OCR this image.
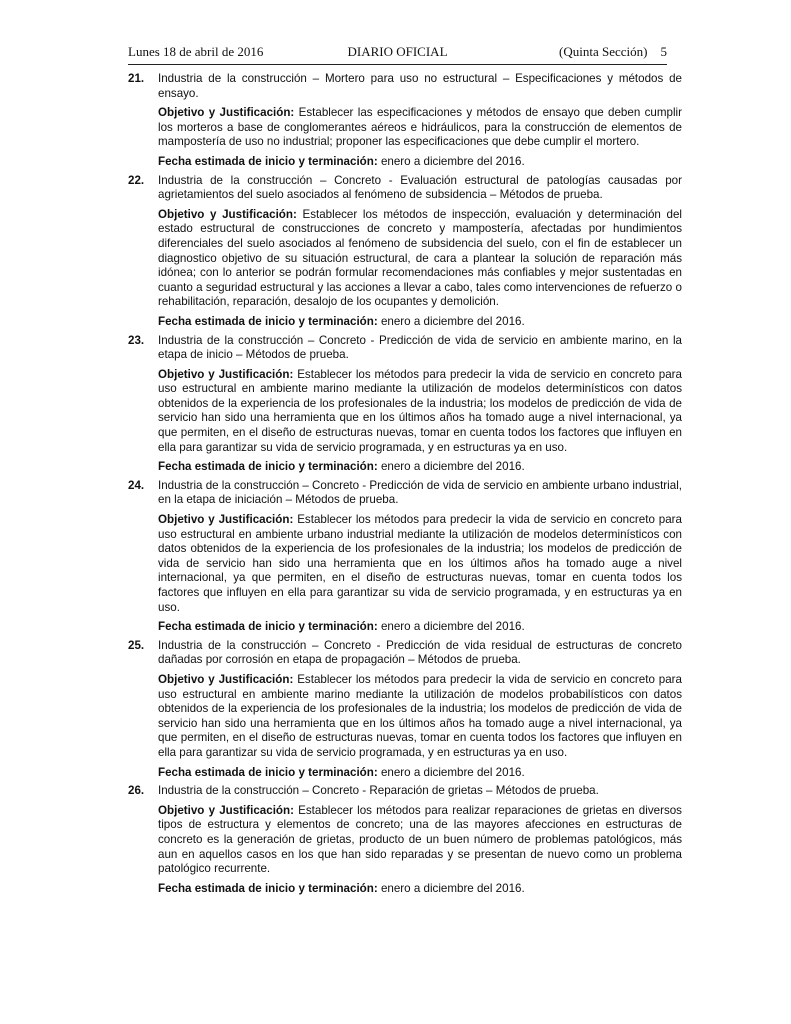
Lunes 18 de abril de 2016	DIARIO OFICIAL	(Quinta Sección) 5
21. Industria de la construcción – Mortero para uso no estructural – Especificaciones y métodos de ensayo.

Objetivo y Justificación: Establecer las especificaciones y métodos de ensayo que deben cumplir los morteros a base de conglomerantes aéreos e hidráulicos, para la construcción de elementos de mampostería de uso no industrial; proponer las especificaciones que debe cumplir el mortero.

Fecha estimada de inicio y terminación: enero a diciembre del 2016.

22. Industria de la construcción – Concreto - Evaluación estructural de patologías causadas por agrietamientos del suelo asociados al fenómeno de subsidencia – Métodos de prueba.

Objetivo y Justificación: Establecer los métodos de inspección, evaluación y determinación del estado estructural de construcciones de concreto y mampostería, afectadas por hundimientos diferenciales del suelo asociados al fenómeno de subsidencia del suelo, con el fin de establecer un diagnostico objetivo de su situación estructural, de cara a plantear la solución de reparación más idónea; con lo anterior se podrán formular recomendaciones más confiables y mejor sustentadas en cuanto a seguridad estructural y las acciones a llevar a cabo, tales como intervenciones de refuerzo o rehabilitación, reparación, desalojo de los ocupantes y demolición.

Fecha estimada de inicio y terminación: enero a diciembre del 2016.

23. Industria de la construcción – Concreto - Predicción de vida de servicio en ambiente marino, en la etapa de inicio – Métodos de prueba.

Objetivo y Justificación: Establecer los métodos para predecir la vida de servicio en concreto para uso estructural en ambiente marino mediante la utilización de modelos determinísticos con datos obtenidos de la experiencia de los profesionales de la industria; los modelos de predicción de vida de servicio han sido una herramienta que en los últimos años ha tomado auge a nivel internacional, ya que permiten, en el diseño de estructuras nuevas, tomar en cuenta todos los factores que influyen en ella para garantizar su vida de servicio programada, y en estructuras ya en uso.

Fecha estimada de inicio y terminación: enero a diciembre del 2016.

24. Industria de la construcción – Concreto - Predicción de vida de servicio en ambiente urbano industrial, en la etapa de iniciación – Métodos de prueba.

Objetivo y Justificación: Establecer los métodos para predecir la vida de servicio en concreto para uso estructural en ambiente urbano industrial mediante la utilización de modelos determinísticos con datos obtenidos de la experiencia de los profesionales de la industria; los modelos de predicción de vida de servicio han sido una herramienta que en los últimos años ha tomado auge a nivel internacional, ya que permiten, en el diseño de estructuras nuevas, tomar en cuenta todos los factores que influyen en ella para garantizar su vida de servicio programada, y en estructuras ya en uso.

Fecha estimada de inicio y terminación: enero a diciembre del 2016.

25. Industria de la construcción – Concreto - Predicción de vida residual de estructuras de concreto dañadas por corrosión en etapa de propagación – Métodos de prueba.

Objetivo y Justificación: Establecer los métodos para predecir la vida de servicio en concreto para uso estructural en ambiente marino mediante la utilización de modelos probabilísticos con datos obtenidos de la experiencia de los profesionales de la industria; los modelos de predicción de vida de servicio han sido una herramienta que en los últimos años ha tomado auge a nivel internacional, ya que permiten, en el diseño de estructuras nuevas, tomar en cuenta todos los factores que influyen en ella para garantizar su vida de servicio programada, y en estructuras ya en uso.

Fecha estimada de inicio y terminación: enero a diciembre del 2016.

26. Industria de la construcción – Concreto - Reparación de grietas – Métodos de prueba.

Objetivo y Justificación: Establecer los métodos para realizar reparaciones de grietas en diversos tipos de estructura y elementos de concreto; una de las mayores afecciones en estructuras de concreto es la generación de grietas, producto de un buen número de problemas patológicos, más aun en aquellos casos en los que han sido reparadas y se presentan de nuevo como un problema patológico recurrente.

Fecha estimada de inicio y terminación: enero a diciembre del 2016.
